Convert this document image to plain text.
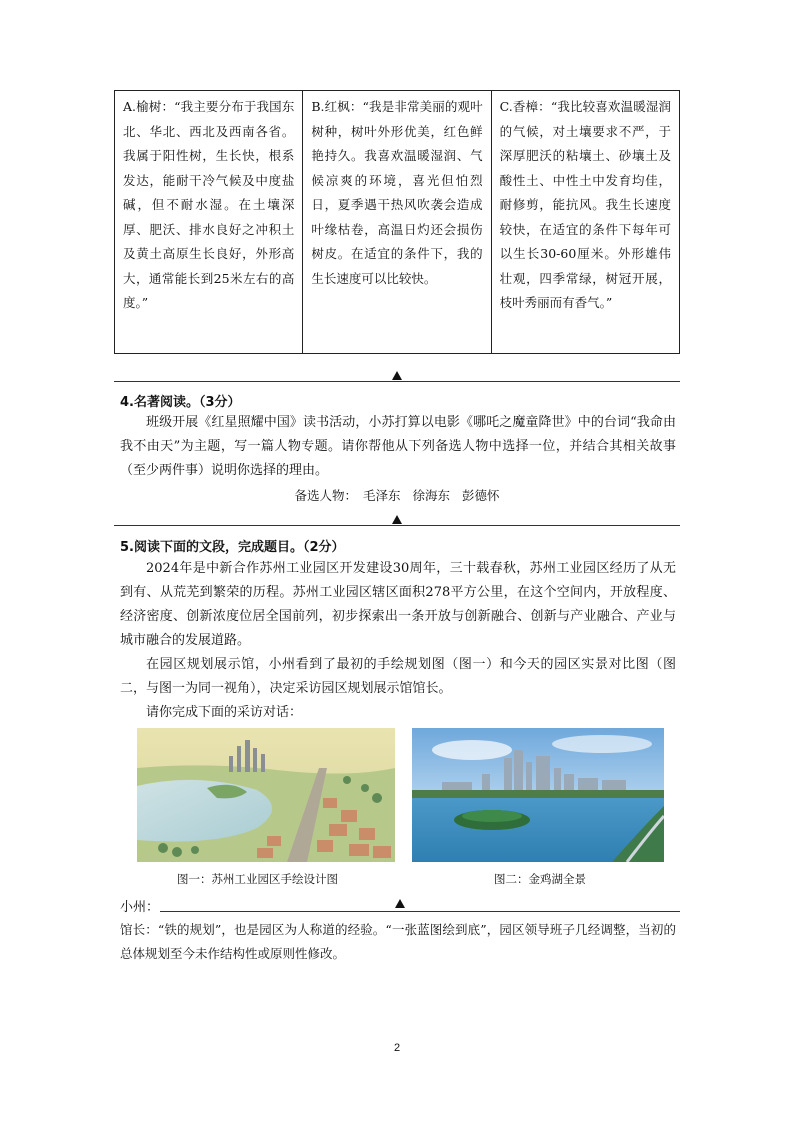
A.榆树：“我主要分布于我国东北、华北、西北及西南各省。我属于阳性树，生长快，根系发达，能耐干冷气候及中度盐碱，但不耐水湿。在土壤深厚、肥沃、排水良好之冲积土及黄土高原生长良好，外形高大，通常能长到25米左右的高度。”	B.红枫：“我是非常美丽的观叶树种，树叶外形优美，红色鲜艳持久。我喜欢温暖湿润、气候凉爽的环境，喜光但怕烈日，夏季遇干热风吹袭会造成叶缘枯卷，高温日灼还会损伤树皮。在适宜的条件下，我的生长速度可以比较快。	C.香樟：“我比较喜欢温暖湿润的气候，对土壤要求不严，于深厚肥沃的粘壤土、砂壤土及酸性土、中性土中发育均佳，耐修剪，能抗风。我生长速度较快，在适宜的条件下每年可以生长30-60厘米。外形雄伟壮观，四季常绿，树冠开展，枝叶秀丽而有香气。”
4.名著阅读。（3分）

班级开展《红星照耀中国》读书活动，小苏打算以电影《哪吒之魔童降世》中的台词“我命由我不由天”为主题，写一篇人物专题。请你帮他从下列备选人物中选择一位，并结合其相关故事（至少两件事）说明你选择的理由。

备选人物： 毛泽东 徐海东 彭德怀
5.阅读下面的文段，完成题目。（2分）

2024年是中新合作苏州工业园区开发建设30周年，三十载春秋，苏州工业园区经历了从无到有、从荒芜到繁荣的历程。苏州工业园区辖区面积278平方公里，在这个空间内，开放程度、经济密度、创新浓度位居全国前列，初步探索出一条开放与创新融合、创新与产业融合、产业与城市融合的发展道路。

在园区规划展示馆，小州看到了最初的手绘规划图（图一）和今天的园区实景对比图（图二，与图一为同一视角），决定采访园区规划展示馆馆长。

请你完成下面的采访对话：

图一：苏州工业园区手绘设计图	图二：金鸡湖全景
小州：

馆长：“铁的规划”，也是园区为人称道的经验。“一张蓝图绘到底”，园区领导班子几经调整，当初的总体规划至今未作结构性或原则性修改。

2
